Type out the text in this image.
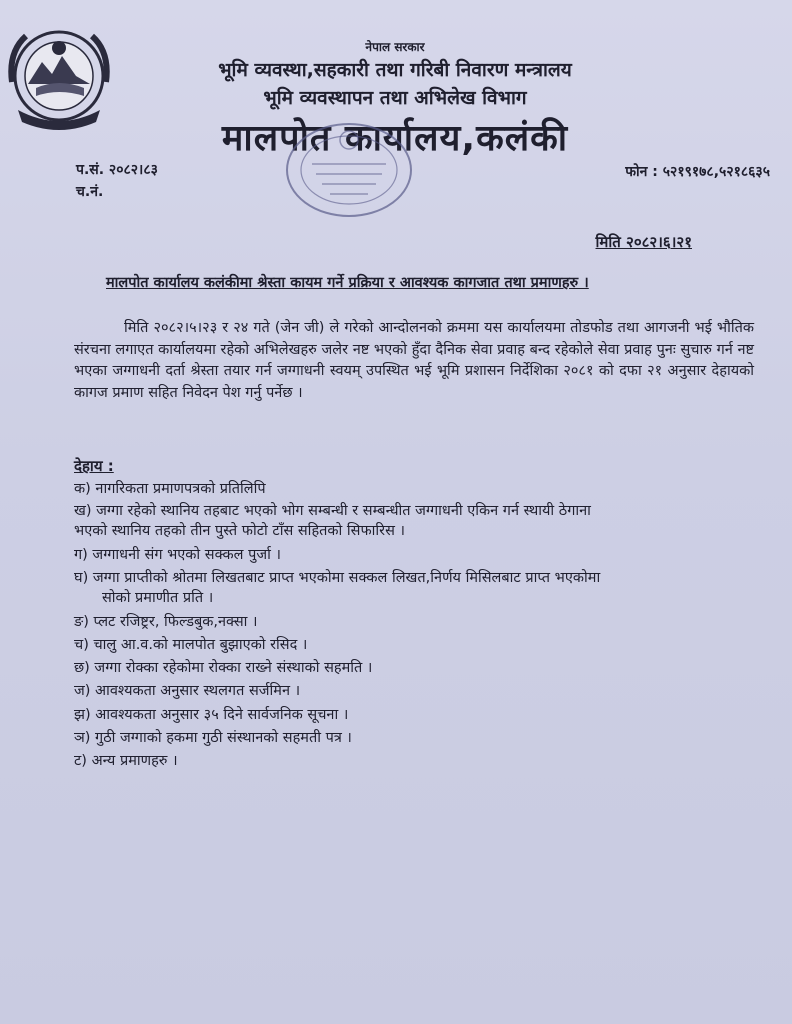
नेपाल सरकार
भूमि व्यवस्था,सहकारी तथा गरिबी निवारण मन्त्रालय
भूमि व्यवस्थापन तथा अभिलेख विभाग
मालपोत कार्यालय,कलंकी
प.सं. २०८२।८३
च.नं.
फोन : ५२१९१७८,५२१८६३५
मिति २०८२।६।२१
मालपोत कार्यालय कलंकीमा श्रेस्ता कायम गर्ने प्रक्रिया र आवश्यक कागजात तथा प्रमाणहरु ।
मिति २०८२।५।२३ र २४ गते (जेन जी) ले गरेको आन्दोलनको क्रममा यस कार्यालयमा तोडफोड तथा आगजनी भई भौतिक संरचना लगाएत कार्यालयमा रहेको अभिलेखहरु जलेर नष्ट भएको हुँदा दैनिक सेवा प्रवाह बन्द रहेकोले सेवा प्रवाह पुनः सुचारु गर्न नष्ट भएका जग्गाधनी दर्ता श्रेस्ता तयार गर्न जग्गाधनी स्वयम् उपस्थित भई भूमि प्रशासन निर्देशिका २०८१ को दफा २१ अनुसार देहायको कागज प्रमाण सहित निवेदन पेश गर्नु पर्नेछ ।
देहाय :
क) नागरिकता प्रमाणपत्रको प्रतिलिपि
ख) जग्गा रहेको स्थानिय तहबाट भएको भोग सम्बन्धी र सम्बन्धीत जग्गाधनी एकिन गर्न स्थायी ठेगाना
भएको स्थानिय तहको तीन पुस्ते फोटो टाँस सहितको सिफारिस ।
ग) जग्गाधनी संग भएको सक्कल पुर्जा ।
घ) जग्गा प्राप्तीको श्रोतमा लिखतबाट प्राप्त भएकोमा सक्कल लिखत,निर्णय मिसिलबाट प्राप्त भएकोमा
सोको प्रमाणीत प्रति ।
ङ) प्लट रजिष्ट्रर, फिल्डबुक,नक्सा ।
च) चालु आ.व.को मालपोत बुझाएको रसिद ।
छ) जग्गा रोक्का रहेकोमा रोक्का राख्ने संस्थाको सहमति ।
ज) आवश्यकता अनुसार स्थलगत सर्जमिन ।
झ) आवश्यकता अनुसार ३५ दिने सार्वजनिक सूचना ।
ञ) गुठी जग्गाको हकमा गुठी संस्थानको सहमती पत्र ।
ट) अन्य प्रमाणहरु ।
